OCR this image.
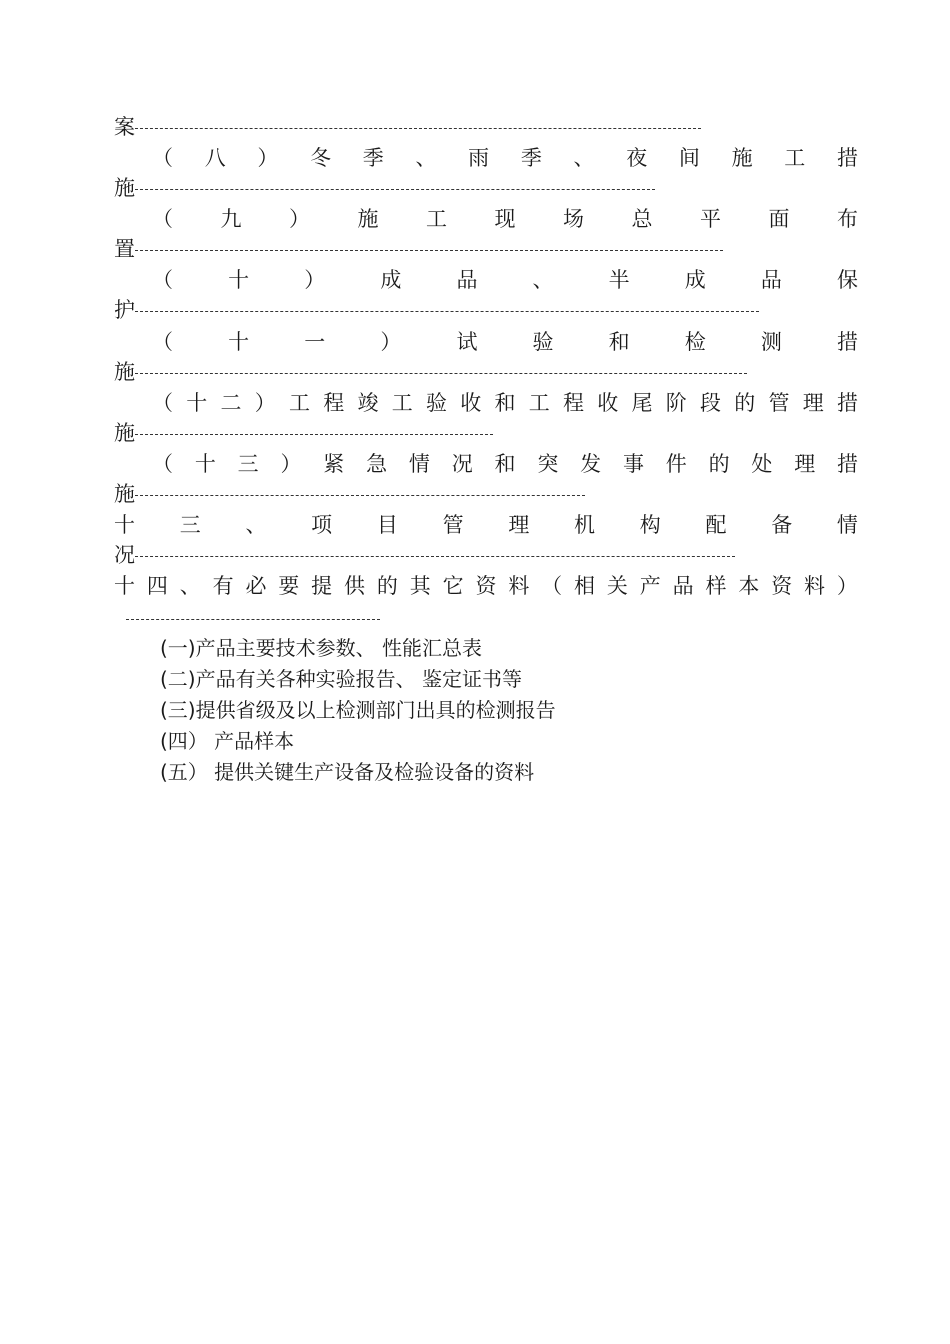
案
（ 八 ） 冬 季 、 雨 季 、 夜 间 施 工 措
施
（ 九 ） 施 工 现 场 总 平 面 布
置
（	十	）	成	品	、	半	成	品	保
护
（	十	一	）	试	验	和	检	测	措
施
（ 十 二 ） 工 程 竣 工 验 收 和 工 程 收 尾 阶 段 的 管 理 措
施
（ 十 三 ） 紧 急 情 况 和 突 发 事 件 的 处 理 措
施
十 三 、 项 目 管 理 机 构 配 备 情
况
十 四 、 有 必 要 提 供 的 其 它 资 料 （ 相 关 产 品 样 本 资 料 ）
(一)产品主要技术参数、 性能汇总表
(二)产品有关各种实验报告、 鉴定证书等
(三)提供省级及以上检测部门出具的检测报告
(四） 产品样本
(五） 提供关键生产设备及检验设备的资料
